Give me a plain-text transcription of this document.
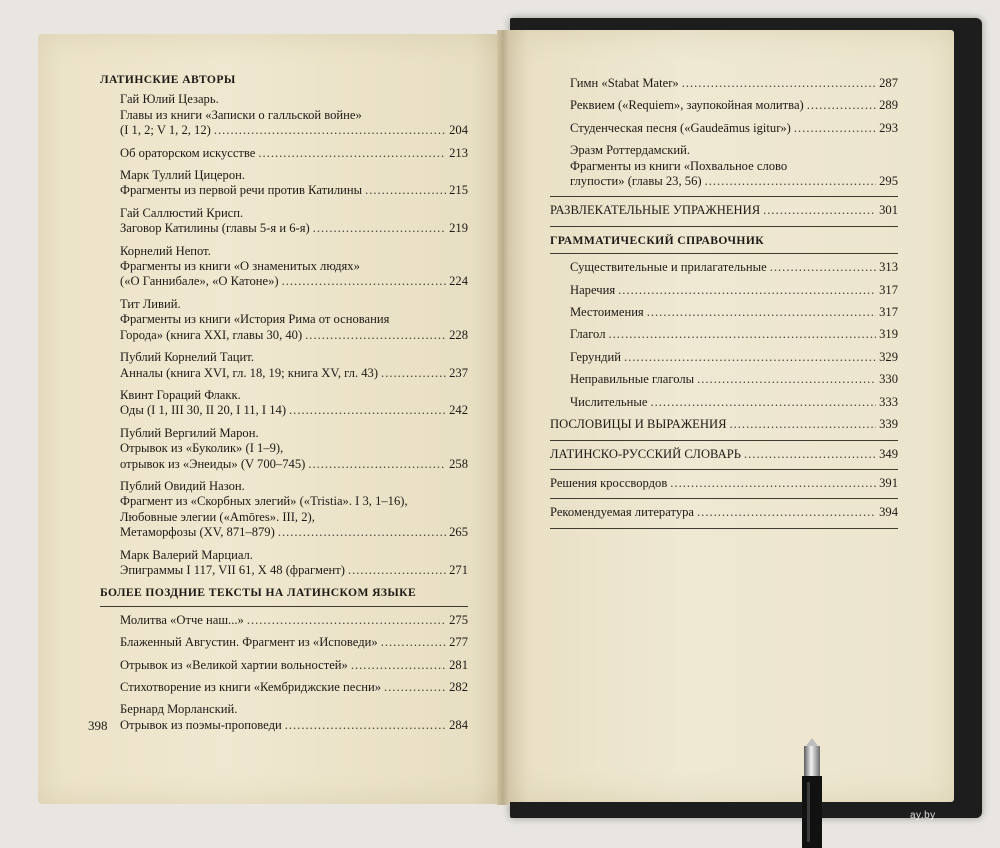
ЛАТИНСКИЕ АВТОРЫ
Гай Юлий Цезарь.
Главы из книги «Записки о галльской войне»
(I 1, 2; V 1, 2, 12) .....	204
Об ораторском искусстве .....	213
Марк Туллий Цицерон.
Фрагменты из первой речи против Катилины .....	215
Гай Саллюстий Крисп.
Заговор Катилины (главы 5-я и 6-я) .....	219
Корнелий Непот.
Фрагменты из книги «О знаменитых людях»
(«О Ганнибале», «О Катоне») .....	224
Тит Ливий.
Фрагменты из книги «История Рима от основания
Города» (книга XXI, главы 30, 40) .....	228
Публий Корнелий Тацит.
Анналы (книга XVI, гл. 18, 19; книга XV, гл. 43) .....	237
Квинт Гораций Флакк.
Оды (I 1, III 30, II 20, I 11, I 14) .....	242
Публий Вергилий Марон.
Отрывок из «Буколик» (I 1–9),
отрывок из «Энеиды» (V 700–745) .....	258
Публий Овидий Назон.
Фрагмент из «Скорбных элегий» («Tristia». I 3, 1–16),
Любовные элегии («Amōres». III, 2),
Метаморфозы (XV, 871–879) .....	265
Марк Валерий Марциал.
Эпиграммы I 117, VII 61, X 48 (фрагмент) .....	271
БОЛЕЕ ПОЗДНИЕ ТЕКСТЫ НА ЛАТИНСКОМ ЯЗЫКЕ
Молитва «Отче наш...» .....	275
Блаженный Августин. Фрагмент из «Исповеди» .....	277
Отрывок из «Великой хартии вольностей» .....	281
Стихотворение из книги «Кембриджские песни» .....	282
Бернард Морланский.
Отрывок из поэмы-проповеди .....	284
398
Гимн «Stabat Mater» .....	287
Реквием («Requiem», заупокойная молитва) .....	289
Студенческая песня («Gaudeāmus igitur») .....	293
Эразм Роттердамский.
Фрагменты из книги «Похвальное слово
глупости» (главы 23, 56) .....	295
РАЗВЛЕКАТЕЛЬНЫЕ УПРАЖНЕНИЯ .....	301
ГРАММАТИЧЕСКИЙ СПРАВОЧНИК
Существительные и прилагательные .....	313
Наречия .....	317
Местоимения .....	317
Глагол .....	319
Герундий .....	329
Неправильные глаголы .....	330
Числительные .....	333
ПОСЛОВИЦЫ И ВЫРАЖЕНИЯ .....	339
ЛАТИНСКО-РУССКИЙ СЛОВАРЬ .....	349
Решения кроссвордов .....	391
Рекомендуемая литература .....	394
ay.by
